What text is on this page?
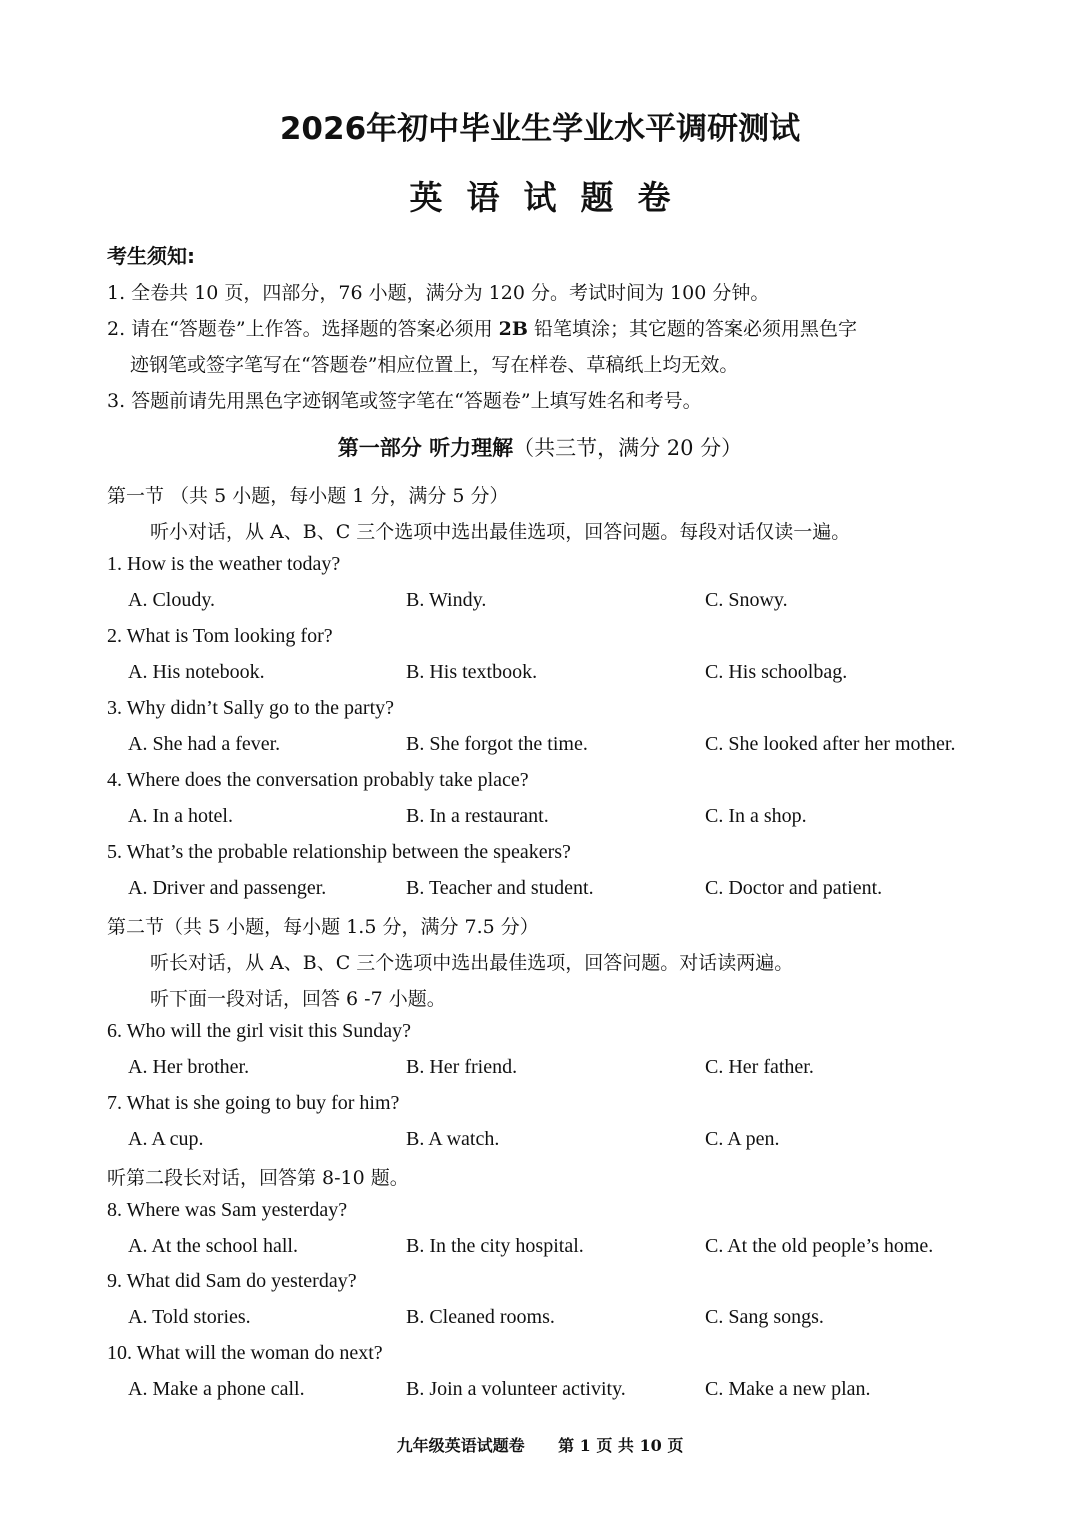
2026年初中毕业生学业水平调研测试
英语试题卷
考生须知:
1. 全卷共 10 页，四部分，76 小题，满分为 120 分。考试时间为 100 分钟。
2. 请在“答题卷”上作答。选择题的答案必须用 2B 铅笔填涂；其它题的答案必须用黑色字
迹钢笔或签字笔写在“答题卷”相应位置上，写在样卷、草稿纸上均无效。
3. 答题前请先用黑色字迹钢笔或签字笔在“答题卷”上填写姓名和考号。
第一部分 听力理解（共三节，满分 20 分）
第一节 （共 5 小题，每小题 1 分，满分 5 分）
听小对话，从 A、B、C 三个选项中选出最佳选项，回答问题。每段对话仅读一遍。
1. How is the weather today?
A. Cloudy.	B. Windy.	C. Snowy.
2. What is Tom looking for?
A. His notebook.	B. His textbook.	C. His schoolbag.
3. Why didn’t Sally go to the party?
A. She had a fever.	B. She forgot the time.	C. She looked after her mother.
4. Where does the conversation probably take place?
A. In a hotel.	B. In a restaurant.	C. In a shop.
5. What’s the probable relationship between the speakers?
A. Driver and passenger.	B. Teacher and student.	C. Doctor and patient.
第二节（共 5 小题，每小题 1.5 分，满分 7.5 分）
听长对话，从 A、B、C 三个选项中选出最佳选项，回答问题。对话读两遍。
听下面一段对话，回答 6 -7 小题。
6. Who will the girl visit this Sunday?
A. Her brother.	B. Her friend.	C. Her father.
7. What is she going to buy for him?
A. A cup.	B. A watch.	C. A pen.
听第二段长对话，回答第 8-10 题。
8. Where was Sam yesterday?
A. At the school hall.	B. In the city hospital.	C. At the old people’s home.
9. What did Sam do yesterday?
A. Told stories.	B. Cleaned rooms.	C. Sang songs.
10. What will the woman do next?
A. Make a phone call.	B. Join a volunteer activity.	C. Make a new plan.
九年级英语试题卷      第 1 页 共 10 页
